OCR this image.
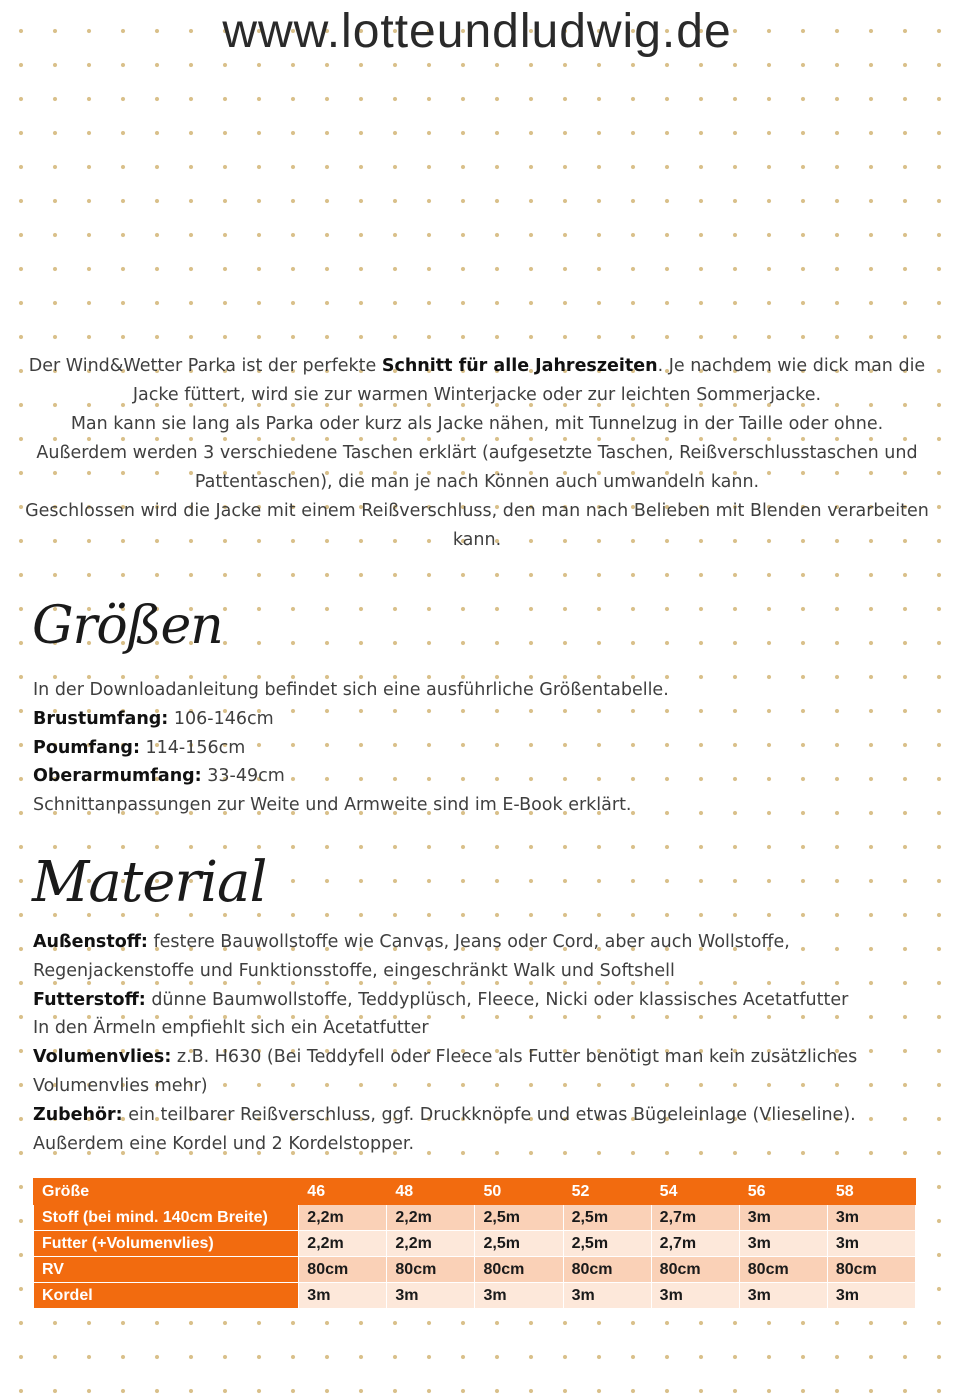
www.lotteundludwig.de

Der Wind&Wetter Parka ist der perfekte Schnitt für alle Jahreszeiten. Je nachdem wie dick man die Jacke füttert, wird sie zur warmen Winterjacke oder zur leichten Sommerjacke.

Man kann sie lang als Parka oder kurz als Jacke nähen, mit Tunnelzug in der Taille oder ohne.

Außerdem werden 3 verschiedene Taschen erklärt (aufgesetzte Taschen, Reißverschlusstaschen und Pattentaschen), die man je nach Können auch umwandeln kann.

Geschlossen wird die Jacke mit einem Reißverschluss, den man nach Belieben mit Blenden verarbeiten kann.

Größen

In der Downloadanleitung befindet sich eine ausführliche Größentabelle.

Brustumfang: 106-146cm

Poumfang: 114-156cm

Oberarmumfang: 33-49cm

Schnittanpassungen zur Weite und Armweite sind im E-Book erklärt.

Material

Außenstoff: festere Bauwollstoffe wie Canvas, Jeans oder Cord, aber auch Wollstoffe, Regenjackenstoffe und Funktionsstoffe, eingeschränkt Walk und Softshell

Futterstoff: dünne Baumwollstoffe, Teddyplüsch, Fleece, Nicki oder klassisches Acetatfutter

In den Ärmeln empfiehlt sich ein Acetatfutter

Volumenvlies: z.B. H630 (Bei Teddyfell oder Fleece als Futter benötigt man kein zusätzliches Volumenvlies mehr)

Zubehör: ein teilbarer Reißverschluss, ggf. Druckknöpfe und etwas Bügeleinlage (Vlieseline).

Außerdem eine Kordel und 2 Kordelstopper.

Größe	46	48	50	52	54	56	58
Stoff (bei mind. 140cm Breite)	2,2m	2,2m	2,5m	2,5m	2,7m	3m	3m
Futter (+Volumenvlies)	2,2m	2,2m	2,5m	2,5m	2,7m	3m	3m
RV	80cm	80cm	80cm	80cm	80cm	80cm	80cm
Kordel	3m	3m	3m	3m	3m	3m	3m
